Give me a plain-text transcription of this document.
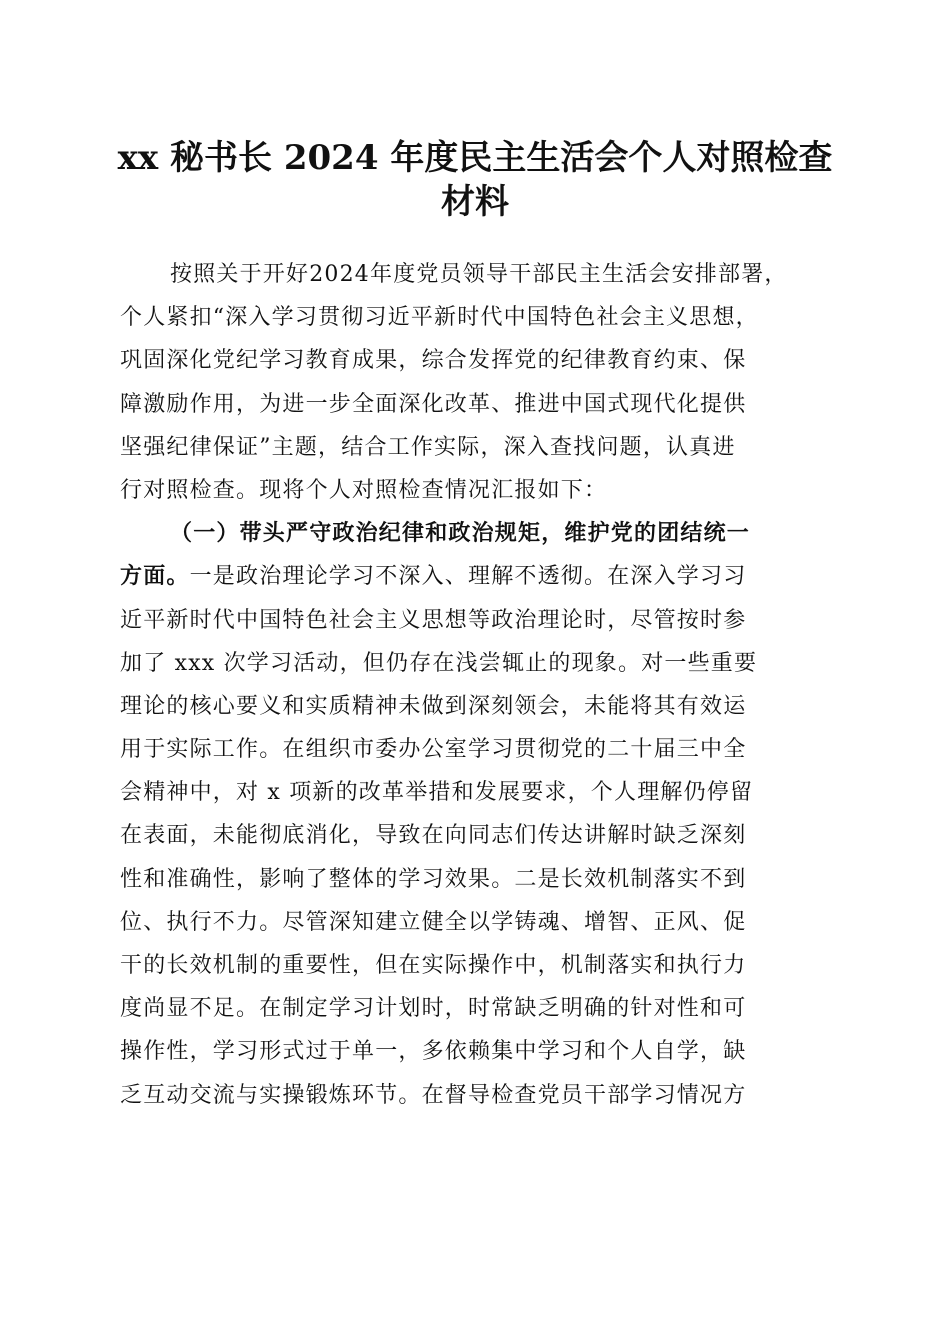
xx 秘书长 2024 年度民主生活会个人对照检查
材料
按照关于开好2024年度党员领导干部民主生活会安排部署，
个人紧扣“深入学习贯彻习近平新时代中国特色社会主义思想，
巩固深化党纪学习教育成果，综合发挥党的纪律教育约束、保
障激励作用，为进一步全面深化改革、推进中国式现代化提供
坚强纪律保证”主题，结合工作实际，深入查找问题，认真进
行对照检查。现将个人对照检查情况汇报如下：
（一）带头严守政治纪律和政治规矩，维护党的团结统一
方面。一是政治理论学习不深入、理解不透彻。在深入学习习
近平新时代中国特色社会主义思想等政治理论时，尽管按时参
加了 xxx 次学习活动，但仍存在浅尝辄止的现象。对一些重要
理论的核心要义和实质精神未做到深刻领会，未能将其有效运
用于实际工作。在组织市委办公室学习贯彻党的二十届三中全
会精神中，对 x 项新的改革举措和发展要求，个人理解仍停留
在表面，未能彻底消化，导致在向同志们传达讲解时缺乏深刻
性和准确性，影响了整体的学习效果。二是长效机制落实不到
位、执行不力。尽管深知建立健全以学铸魂、增智、正风、促
干的长效机制的重要性，但在实际操作中，机制落实和执行力
度尚显不足。在制定学习计划时，时常缺乏明确的针对性和可
操作性，学习形式过于单一，多依赖集中学习和个人自学，缺
乏互动交流与实操锻炼环节。在督导检查党员干部学习情况方
